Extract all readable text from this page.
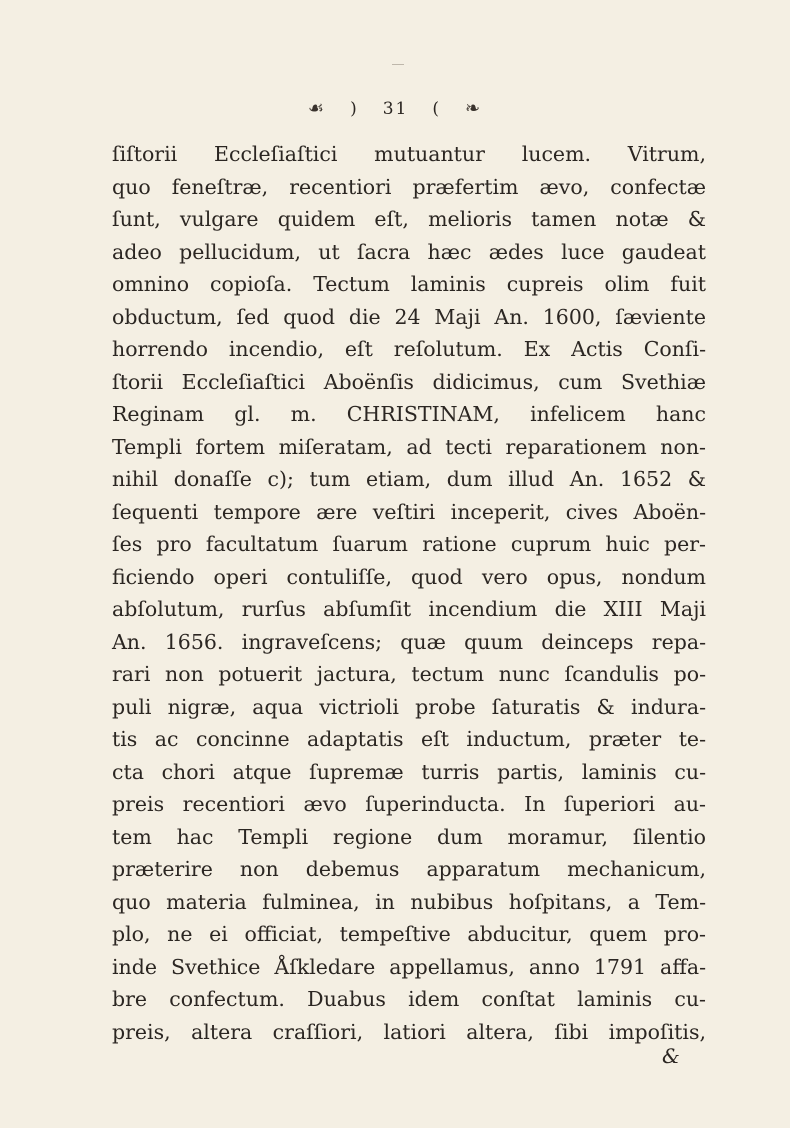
☙ ) 31 ( ❧
ſiſtorii Eccleſiaſtici mutuantur lucem. Vitrum,
quo feneſtræ, recentiori præfertim ævo, confectæ
ſunt, vulgare quidem eſt, melioris tamen notæ &
adeo pellucidum, ut ſacra hæc ædes luce gaudeat
omnino copioſa. Tectum laminis cupreis olim fuit
obductum, ſed quod die 24 Maji An. 1600, ſæviente
horrendo incendio, eſt reſolutum. Ex Actis Conſi-
ſtorii Eccleſiaſtici Aboënſis didicimus, cum Svethiæ
Reginam gl. m. CHRISTINAM, infelicem hanc
Templi fortem miſeratam, ad tecti reparationem non-
nihil donaſſe c); tum etiam, dum illud An. 1652 &
ſequenti tempore ære veſtiri inceperit, cives Aboën-
ſes pro facultatum ſuarum ratione cuprum huic per-
ficiendo operi contuliſſe, quod vero opus, nondum
abſolutum, rurſus abſumſit incendium die XIII Maji
An. 1656. ingraveſcens; quæ quum deinceps repa-
rari non potuerit jactura, tectum nunc ſcandulis po-
puli nigræ, aqua victrioli probe ſaturatis & indura-
tis ac concinne adaptatis eſt inductum, præter te-
cta chori atque ſupremæ turris partis, laminis cu-
preis recentiori ævo ſuperinducta. In ſuperiori au-
tem hac Templi regione dum moramur, ſilentio
præterire non debemus apparatum mechanicum,
quo materia fulminea, in nubibus hoſpitans, a Tem-
plo, ne ei officiat, tempeſtive abducitur, quem pro-
inde Svethice Åſkledare appellamus, anno 1791 affa-
bre confectum. Duabus idem conſtat laminis cu-
preis, altera craſſiori, latiori altera, ſibi impoſitis,
&
